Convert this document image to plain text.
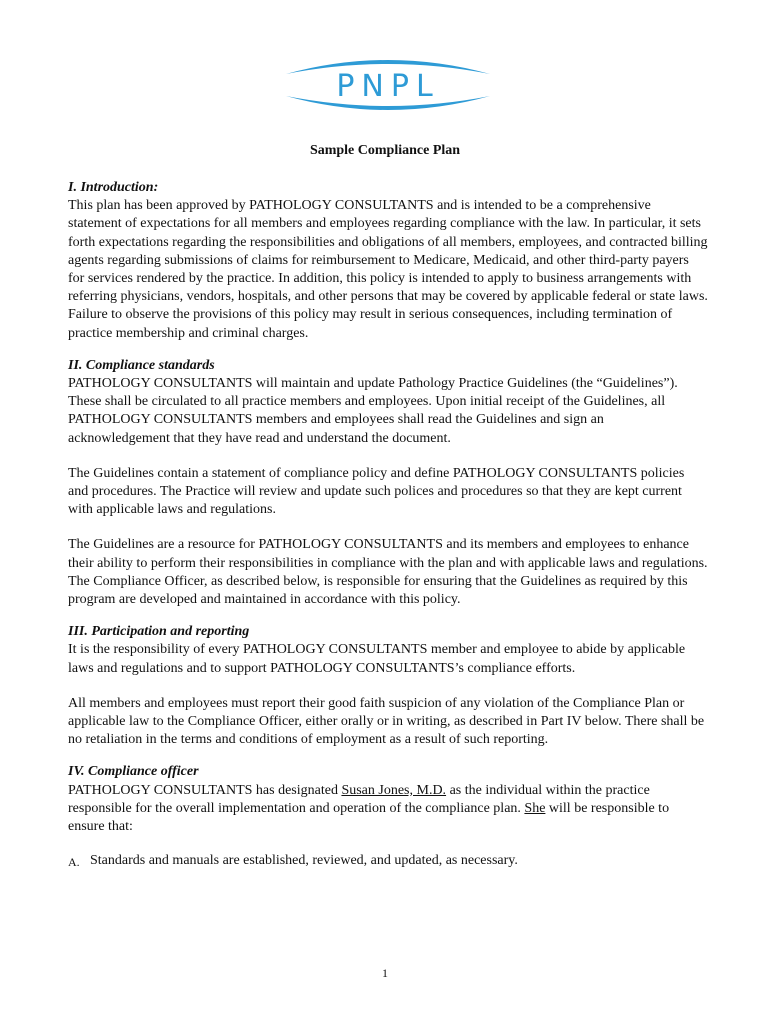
PNPL
Sample Compliance Plan

I. Introduction:

This plan has been approved by PATHOLOGY CONSULTANTS and is intended to be a comprehensive statement of expectations for all members and employees regarding compliance with the law. In particular, it sets forth expectations regarding the responsibilities and obligations of all members, employees, and contracted billing agents regarding submissions of claims for reimbursement to Medicare, Medicaid, and other third-party payers for services rendered by the practice. In addition, this policy is intended to apply to business arrangements with referring physicians, vendors, hospitals, and other persons that may be covered by applicable federal or state laws. Failure to observe the provisions of this policy may result in serious consequences, including termination of practice membership and criminal charges.

II. Compliance standards

PATHOLOGY CONSULTANTS will maintain and update Pathology Practice Guidelines (the “Guidelines”). These shall be circulated to all practice members and employees. Upon initial receipt of the Guidelines, all PATHOLOGY CONSULTANTS members and employees shall read the Guidelines and sign an acknowledgement that they have read and understand the document.

The Guidelines contain a statement of compliance policy and define PATHOLOGY CONSULTANTS policies and procedures. The Practice will review and update such polices and procedures so that they are kept current with applicable laws and regulations.

The Guidelines are a resource for PATHOLOGY CONSULTANTS and its members and employees to enhance their ability to perform their responsibilities in compliance with the plan and with applicable laws and regulations. The Compliance Officer, as described below, is responsible for ensuring that the Guidelines as required by this program are developed and maintained in accordance with this policy.

III. Participation and reporting

It is the responsibility of every PATHOLOGY CONSULTANTS member and employee to abide by applicable laws and regulations and to support PATHOLOGY CONSULTANTS’s compliance efforts.

All members and employees must report their good faith suspicion of any violation of the Compliance Plan or applicable law to the Compliance Officer, either orally or in writing, as described in Part IV below. There shall be no retaliation in the terms and conditions of employment as a result of such reporting.

IV. Compliance officer

PATHOLOGY CONSULTANTS has designated Susan Jones, M.D. as the individual within the practice responsible for the overall implementation and operation of the compliance plan. She will be responsible to ensure that:

A. Standards and manuals are established, reviewed, and updated, as necessary.
1
